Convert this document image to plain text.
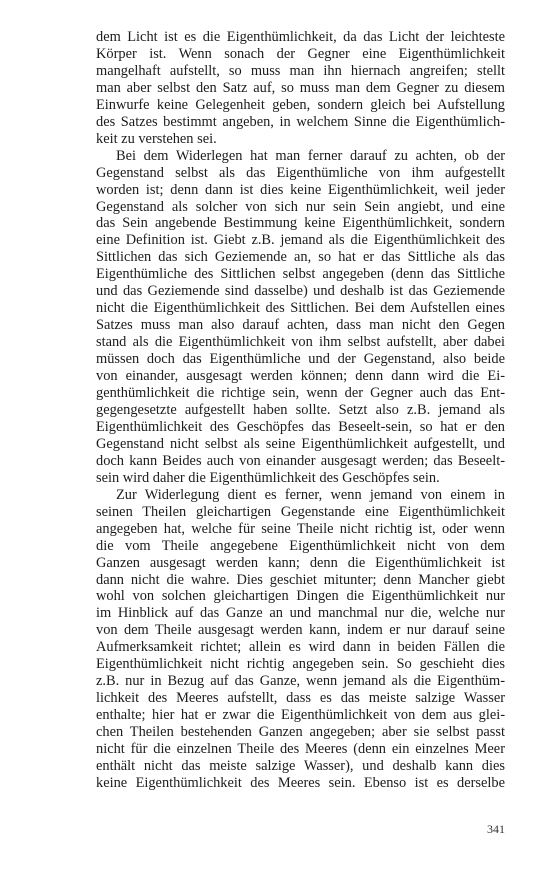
dem Licht ist es die Eigenthümlichkeit, da das Licht der leichteste
Körper ist. Wenn sonach der Gegner eine Eigenthümlichkeit
mangelhaft aufstellt, so muss man ihn hiernach angreifen; stellt
man aber selbst den Satz auf, so muss man dem Gegner zu diesem
Einwurfe keine Gelegenheit geben, sondern gleich bei Aufstellung
des Satzes bestimmt angeben, in welchem Sinne die Eigenthümlich-
keit zu verstehen sei.

Bei dem Widerlegen hat man ferner darauf zu achten, ob der
Gegenstand selbst als das Eigenthümliche von ihm aufgestellt
worden ist; denn dann ist dies keine Eigenthümlichkeit, weil jeder
Gegenstand als solcher von sich nur sein Sein angiebt, und eine
das Sein angebende Bestimmung keine Eigenthümlichkeit, sondern
eine Definition ist. Giebt z.B. jemand als die Eigenthümlichkeit des
Sittlichen das sich Geziemende an, so hat er das Sittliche als das
Eigenthümliche des Sittlichen selbst angegeben (denn das Sittliche
und das Geziemende sind dasselbe) und deshalb ist das Geziemende
nicht die Eigenthümlichkeit des Sittlichen. Bei dem Aufstellen eines
Satzes muss man also darauf achten, dass man nicht den Gegen
stand als die Eigenthümlichkeit von ihm selbst aufstellt, aber dabei
müssen doch das Eigenthümliche und der Gegenstand, also beide
von einander, ausgesagt werden können; denn dann wird die Ei-
genthümlichkeit die richtige sein, wenn der Gegner auch das Ent-
gegengesetzte aufgestellt haben sollte. Setzt also z.B. jemand als
Eigenthümlichkeit des Geschöpfes das Beseelt-sein, so hat er den
Gegenstand nicht selbst als seine Eigenthümlichkeit aufgestellt, und
doch kann Beides auch von einander ausgesagt werden; das Beseelt-
sein wird daher die Eigenthümlichkeit des Geschöpfes sein.

Zur Widerlegung dient es ferner, wenn jemand von einem in
seinen Theilen gleichartigen Gegenstande eine Eigenthümlichkeit
angegeben hat, welche für seine Theile nicht richtig ist, oder wenn
die vom Theile angegebene Eigenthümlichkeit nicht von dem
Ganzen ausgesagt werden kann; denn die Eigenthümlichkeit ist
dann nicht die wahre. Dies geschiet mitunter; denn Mancher giebt
wohl von solchen gleichartigen Dingen die Eigenthümlichkeit nur
im Hinblick auf das Ganze an und manchmal nur die, welche nur
von dem Theile ausgesagt werden kann, indem er nur darauf seine
Aufmerksamkeit richtet; allein es wird dann in beiden Fällen die
Eigenthümlichkeit nicht richtig angegeben sein. So geschieht dies
z.B. nur in Bezug auf das Ganze, wenn jemand als die Eigenthüm-
lichkeit des Meeres aufstellt, dass es das meiste salzige Wasser
enthalte; hier hat er zwar die Eigenthümlichkeit von dem aus glei-
chen Theilen bestehenden Ganzen angegeben; aber sie selbst passt
nicht für die einzelnen Theile des Meeres (denn ein einzelnes Meer
enthält nicht das meiste salzige Wasser), und deshalb kann dies
keine Eigenthümlichkeit des Meeres sein. Ebenso ist es derselbe

341
